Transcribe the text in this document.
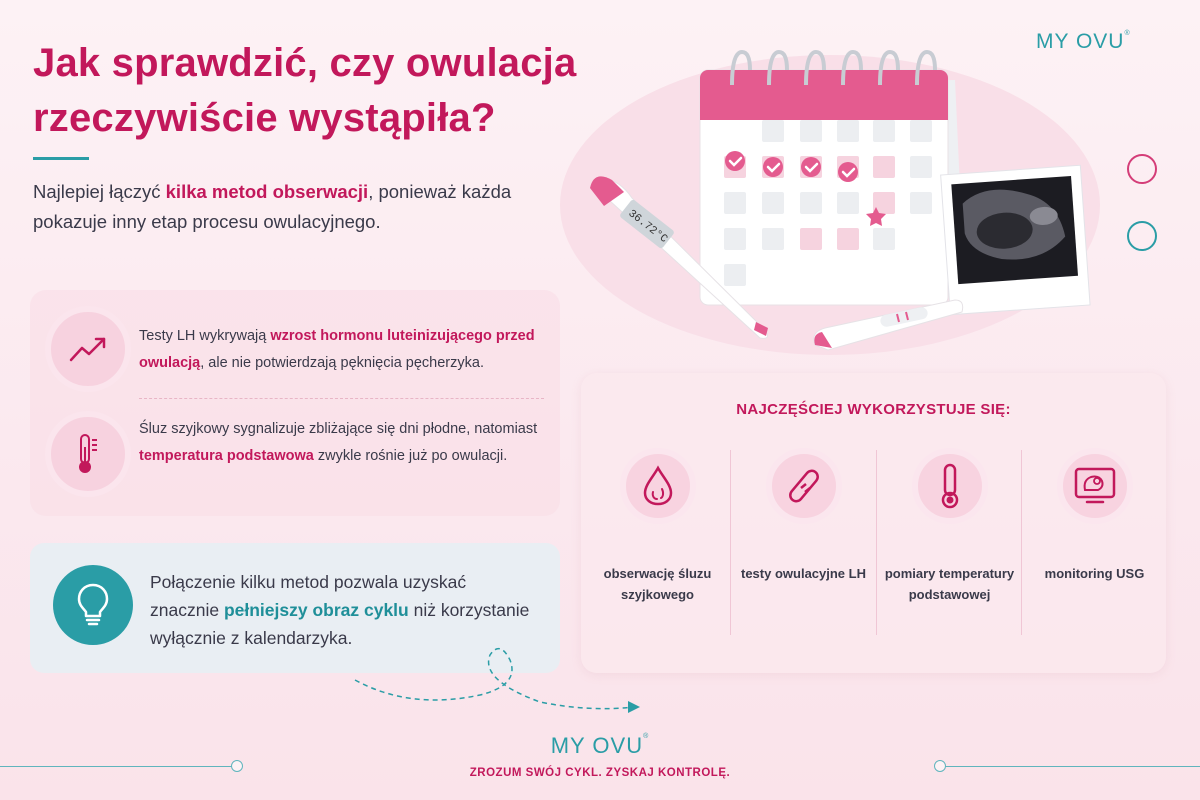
Jak sprawdzić, czy owulacja rzeczywiście wystąpiła?
Najlepiej łączyć kilka metod obserwacji, ponieważ każda pokazuje inny etap procesu owulacyjnego.
MY OVU®
36.72°C
Testy LH wykrywają wzrost hormonu luteinizującego przed owulacją, ale nie potwierdzają pęknięcia pęcherzyka.
Śluz szyjkowy sygnalizuje zbliżające się dni płodne, natomiast temperatura podstawowa zwykle rośnie już po owulacji.
Połączenie kilku metod pozwala uzyskać znacznie pełniejszy obraz cyklu niż korzystanie wyłącznie z kalendarzyka.
NAJCZĘŚCIEJ WYKORZYSTUJE SIĘ:
obserwację śluzu szyjkowego
testy owulacyjne LH	pomiary temperatury podstawowej
monitoring USG
MY OVU®
ZROZUM SWÓJ CYKL. ZYSKAJ KONTROLĘ.
